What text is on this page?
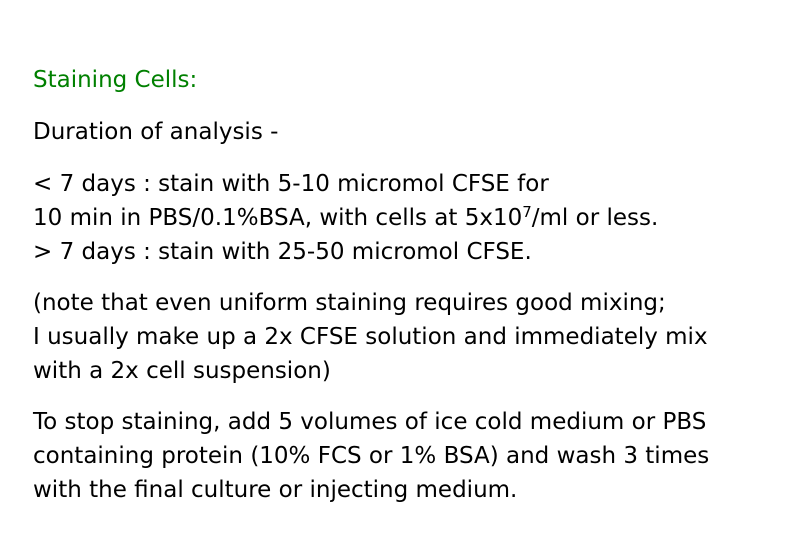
Staining Cells:

Duration of analysis -

< 7 days : stain with 5-10 micromol CFSE for
10 min in PBS/0.1%BSA, with cells at $5x10^7/ml$ or less.
> 7 days : stain with 25-50 micromol CFSE.
(note that even uniform staining requires good mixing;
I usually make up a 2x CFSE solution and immediately mix
with a 2x cell suspension)
To stop staining, add 5 volumes of ice cold medium or PBS
containing protein (10% FCS or 1% BSA) and wash 3 times
with the final culture or injecting medium.
